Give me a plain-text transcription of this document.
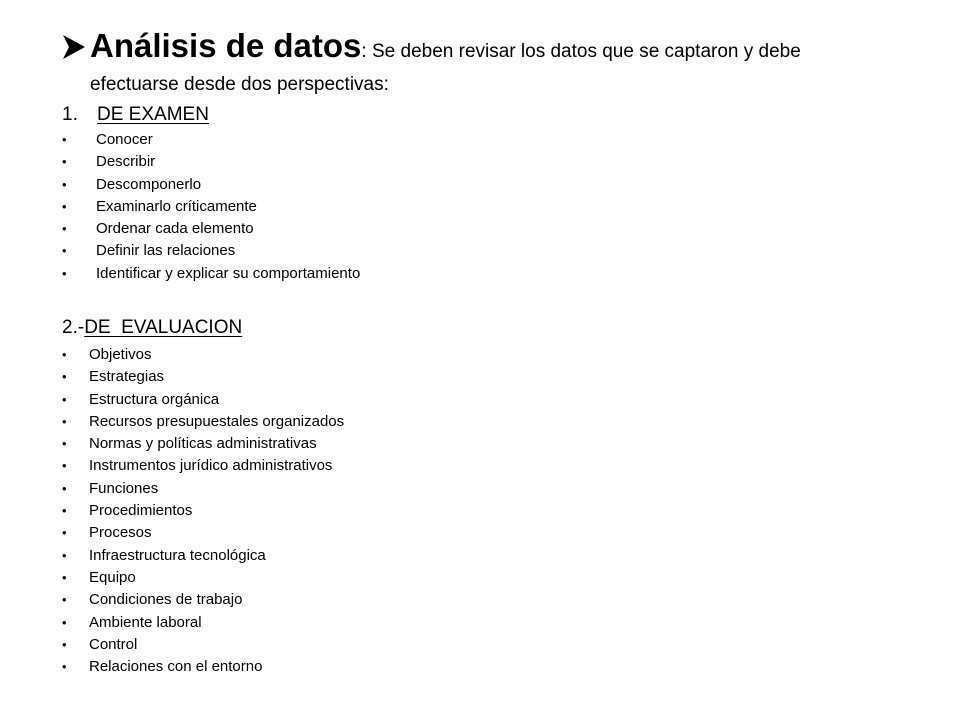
Análisis de datos : Se deben revisar los datos que se captaron y debe
efectuarse desde dos perspectivas:
1. DE EXAMEN
• Conocer
• Describir
• Descomponerlo
• Examinarlo críticamente
• Ordenar cada elemento
• Definir las relaciones
• Identificar y explicar su comportamiento
2.-DE  EVALUACION
• Objetivos
• Estrategias
• Estructura orgánica
• Recursos presupuestales organizados
• Normas y políticas administrativas
• Instrumentos jurídico administrativos
• Funciones
• Procedimientos
• Procesos
• Infraestructura tecnológica
• Equipo
• Condiciones de trabajo
• Ambiente laboral
• Control
• Relaciones con el entorno
